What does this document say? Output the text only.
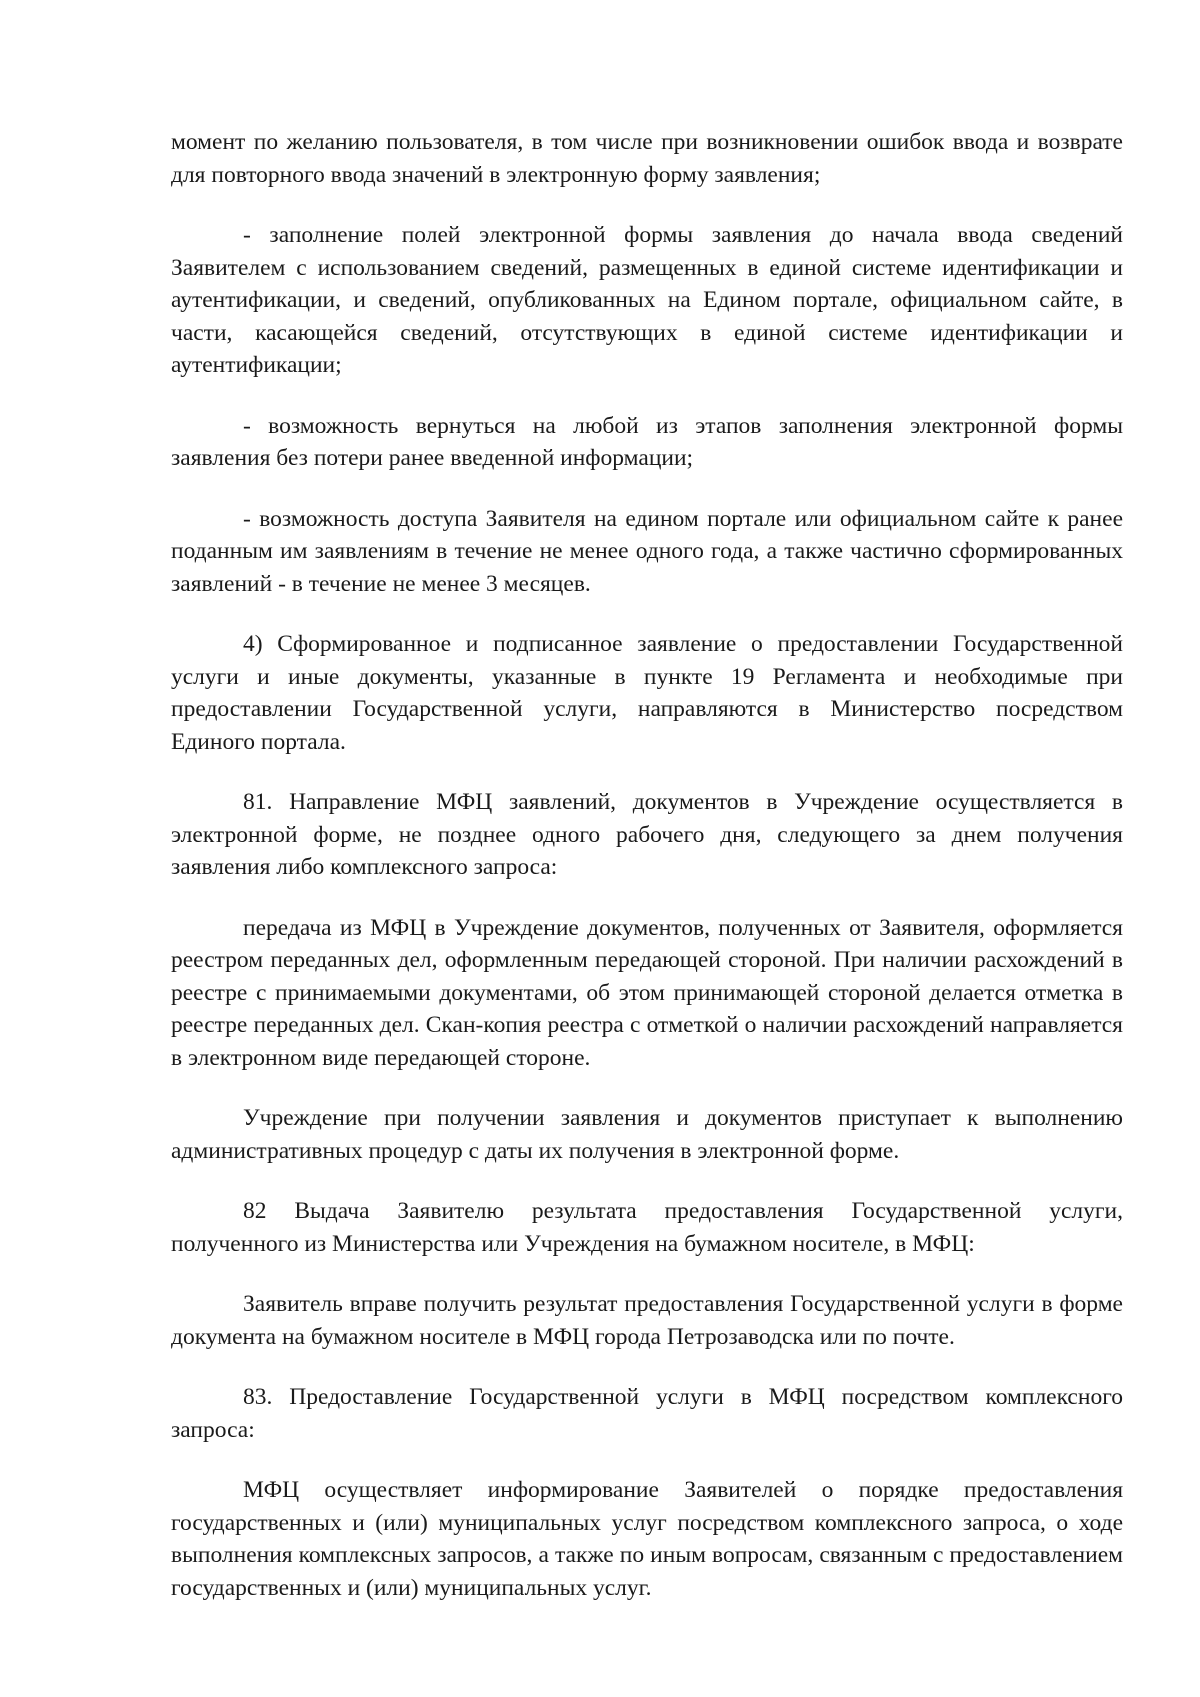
момент по желанию пользователя, в том числе при возникновении ошибок ввода и возврате для повторного ввода значений в электронную форму заявления;

- заполнение полей электронной формы заявления до начала ввода сведений Заявителем с использованием сведений, размещенных в единой системе идентификации и аутентификации, и сведений, опубликованных на Едином портале, официальном сайте, в части, касающейся сведений, отсутствующих в единой системе идентификации и аутентификации;

- возможность вернуться на любой из этапов заполнения электронной формы заявления без потери ранее введенной информации;

- возможность доступа Заявителя на едином портале или официальном сайте к ранее поданным им заявлениям в течение не менее одного года, а также частично сформированных заявлений - в течение не менее 3 месяцев.

4) Сформированное и подписанное заявление о предоставлении Государственной услуги и иные документы, указанные в пункте 19 Регламента и необходимые при предоставлении Государственной услуги, направляются в Министерство посредством Единого портала.

81. Направление МФЦ заявлений, документов в Учреждение осуществляется в электронной форме, не позднее одного рабочего дня, следующего за днем получения заявления либо комплексного запроса:

передача из МФЦ в Учреждение документов, полученных от Заявителя, оформляется реестром переданных дел, оформленным передающей стороной. При наличии расхождений в реестре с принимаемыми документами, об этом принимающей стороной делается отметка в реестре переданных дел. Скан-копия реестра с отметкой о наличии расхождений направляется в электронном виде передающей стороне.

Учреждение при получении заявления и документов приступает к выполнению административных процедур с даты их получения в электронной форме.

82 Выдача Заявителю результата предоставления Государственной услуги, полученного из Министерства или Учреждения на бумажном носителе, в МФЦ:

Заявитель вправе получить результат предоставления Государственной услуги в форме документа на бумажном носителе в МФЦ города Петрозаводска или по почте.

83. Предоставление Государственной услуги в МФЦ посредством комплексного запроса:

МФЦ осуществляет информирование Заявителей о порядке предоставления государственных и (или) муниципальных услуг посредством комплексного запроса, о ходе выполнения комплексных запросов, а также по иным вопросам, связанным с предоставлением государственных и (или) муниципальных услуг.
